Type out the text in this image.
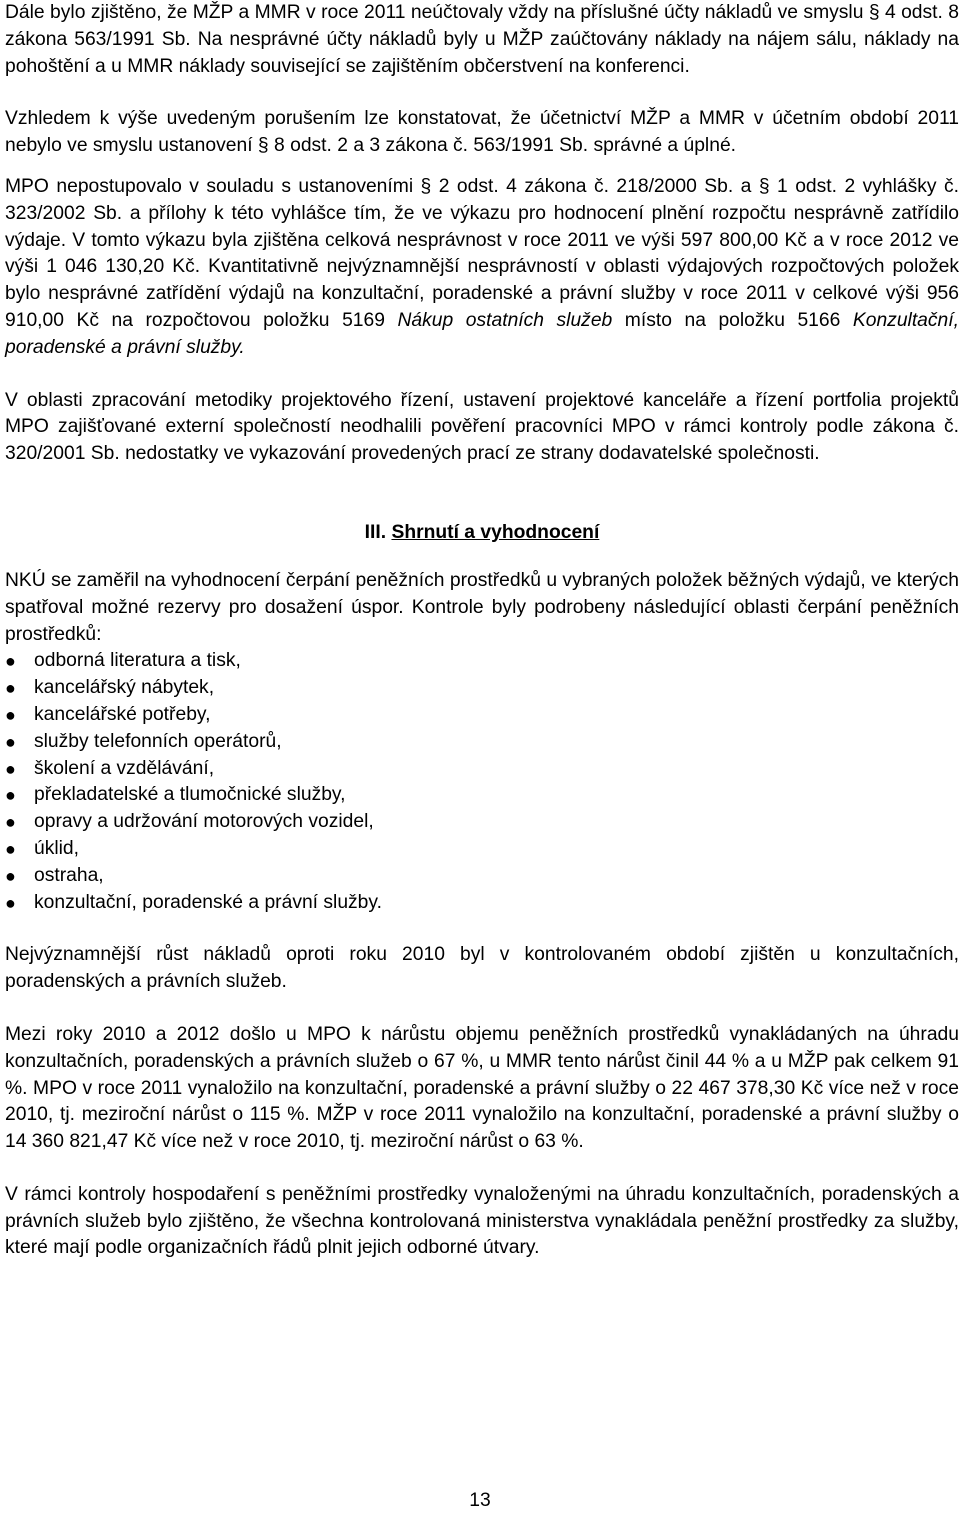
Dále bylo zjištěno, že MŽP a MMR v roce 2011 neúčtovaly vždy na příslušné účty nákladů ve smyslu § 4 odst. 8 zákona 563/1991 Sb. Na nesprávné účty nákladů byly u MŽP zaúčtovány náklady na nájem sálu, náklady na pohoštění a u MMR náklady související se zajištěním občerstvení na konferenci.

Vzhledem k výše uvedeným porušením lze konstatovat, že účetnictví MŽP a MMR v účetním období 2011 nebylo ve smyslu ustanovení § 8 odst. 2 a 3 zákona č. 563/1991 Sb. správné a úplné.

MPO nepostupovalo v souladu s ustanoveními § 2 odst. 4 zákona č. 218/2000 Sb. a § 1 odst. 2 vyhlášky č. 323/2002 Sb. a přílohy k této vyhlášce tím, že ve výkazu pro hodnocení plnění rozpočtu nesprávně zatřídilo výdaje. V tomto výkazu byla zjištěna celková nesprávnost v roce 2011 ve výši 597 800,00 Kč a v roce 2012 ve výši 1 046 130,20 Kč. Kvantitativně nejvýznamnější nesprávností v oblasti výdajových rozpočtových položek bylo nesprávné zatřídění výdajů na konzultační, poradenské a právní služby v roce 2011 v celkové výši 956 910,00 Kč na rozpočtovou položku 5169 Nákup ostatních služeb místo na položku 5166 Konzultační, poradenské a právní služby.

V oblasti zpracování metodiky projektového řízení, ustavení projektové kanceláře a řízení portfolia projektů MPO zajišťované externí společností neodhalili pověření pracovníci MPO v rámci kontroly podle zákona č. 320/2001 Sb. nedostatky ve vykazování provedených prací ze strany dodavatelské společnosti.

III. Shrnutí a vyhodnocení

NKÚ se zaměřil na vyhodnocení čerpání peněžních prostředků u vybraných položek běžných výdajů, ve kterých spatřoval možné rezervy pro dosažení úspor. Kontrole byly podrobeny následující oblasti čerpání peněžních prostředků:

● odborná literatura a tisk,
● kancelářský nábytek,
● kancelářské potřeby,
● služby telefonních operátorů,
● školení a vzdělávání,
● překladatelské a tlumočnické služby,
● opravy a udržování motorových vozidel,
● úklid,
● ostraha,
● konzultační, poradenské a právní služby.

Nejvýznamnější růst nákladů oproti roku 2010 byl v kontrolovaném období zjištěn u konzultačních, poradenských a právních služeb.

Mezi roky 2010 a 2012 došlo u MPO k nárůstu objemu peněžních prostředků vynakládaných na úhradu konzultačních, poradenských a právních služeb o 67 %, u MMR tento nárůst činil 44 % a u MŽP pak celkem 91 %. MPO v roce 2011 vynaložilo na konzultační, poradenské a právní služby o 22 467 378,30 Kč více než v roce 2010, tj. meziroční nárůst o 115 %. MŽP v roce 2011 vynaložilo na konzultační, poradenské a právní služby o 14 360 821,47 Kč více než v roce 2010, tj. meziroční nárůst o 63 %.

V rámci kontroly hospodaření s peněžními prostředky vynaloženými na úhradu konzultačních, poradenských a právních služeb bylo zjištěno, že všechna kontrolovaná ministerstva vynakládala peněžní prostředky za služby, které mají podle organizačních řádů plnit jejich odborné útvary.

13
